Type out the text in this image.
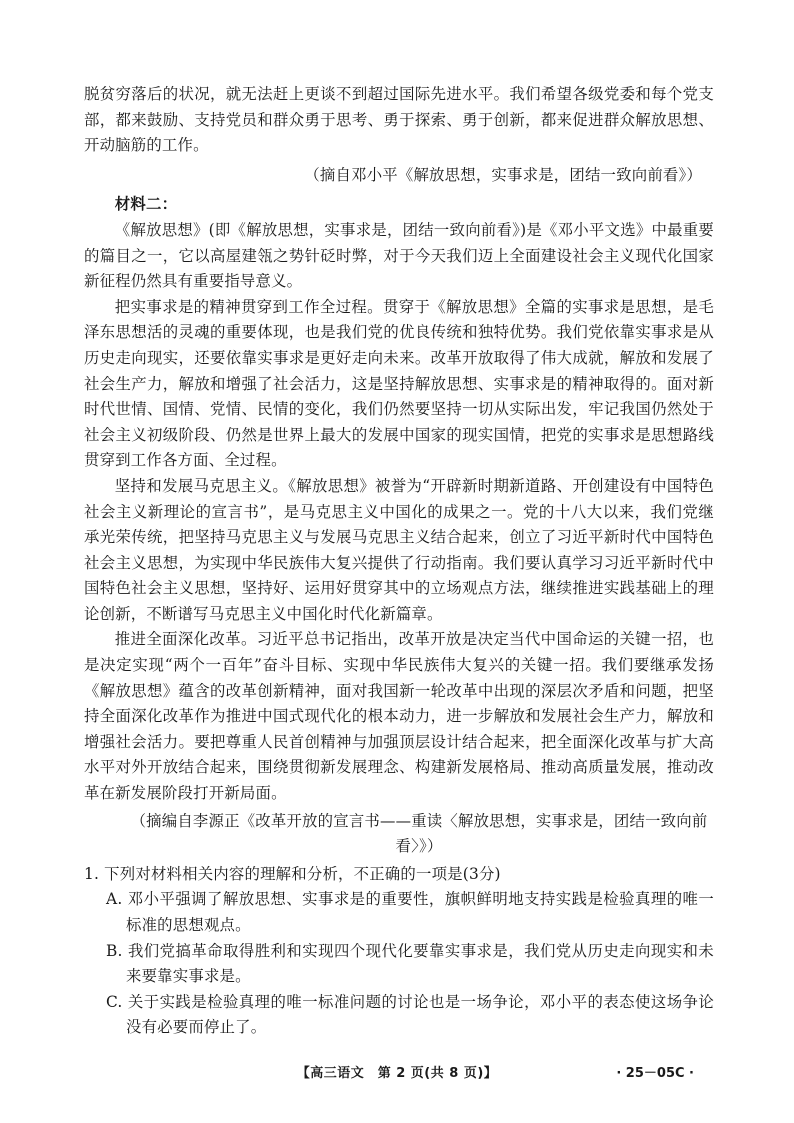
脱贫穷落后的状况，就无法赶上更谈不到超过国际先进水平。我们希望各级党委和每个党支部，都来鼓励、支持党员和群众勇于思考、勇于探索、勇于创新，都来促进群众解放思想、开动脑筋的工作。

（摘自邓小平《解放思想，实事求是，团结一致向前看》）

材料二：

《解放思想》(即《解放思想，实事求是，团结一致向前看》)是《邓小平文选》中最重要的篇目之一，它以高屋建瓴之势针砭时弊，对于今天我们迈上全面建设社会主义现代化国家新征程仍然具有重要指导意义。

把实事求是的精神贯穿到工作全过程。贯穿于《解放思想》全篇的实事求是思想，是毛泽东思想活的灵魂的重要体现，也是我们党的优良传统和独特优势。我们党依靠实事求是从历史走向现实，还要依靠实事求是更好走向未来。改革开放取得了伟大成就，解放和发展了社会生产力，解放和增强了社会活力，这是坚持解放思想、实事求是的精神取得的。面对新时代世情、国情、党情、民情的变化，我们仍然要坚持一切从实际出发，牢记我国仍然处于社会主义初级阶段、仍然是世界上最大的发展中国家的现实国情，把党的实事求是思想路线贯穿到工作各方面、全过程。

坚持和发展马克思主义。《解放思想》被誉为“开辟新时期新道路、开创建设有中国特色社会主义新理论的宣言书”，是马克思主义中国化的成果之一。党的十八大以来，我们党继承光荣传统，把坚持马克思主义与发展马克思主义结合起来，创立了习近平新时代中国特色社会主义思想，为实现中华民族伟大复兴提供了行动指南。我们要认真学习习近平新时代中国特色社会主义思想，坚持好、运用好贯穿其中的立场观点方法，继续推进实践基础上的理论创新，不断谱写马克思主义中国化时代化新篇章。

推进全面深化改革。习近平总书记指出，改革开放是决定当代中国命运的关键一招，也是决定实现“两个一百年”奋斗目标、实现中华民族伟大复兴的关键一招。我们要继承发扬《解放思想》蕴含的改革创新精神，面对我国新一轮改革中出现的深层次矛盾和问题，把坚持全面深化改革作为推进中国式现代化的根本动力，进一步解放和发展社会生产力，解放和增强社会活力。要把尊重人民首创精神与加强顶层设计结合起来，把全面深化改革与扩大高水平对外开放结合起来，围绕贯彻新发展理念、构建新发展格局、推动高质量发展，推动改革在新发展阶段打开新局面。

（摘编自李源正《改革开放的宣言书——重读〈解放思想，实事求是，团结一致向前看〉》）

1. 下列对材料相关内容的理解和分析，不正确的一项是(3分)

A. 邓小平强调了解放思想、实事求是的重要性，旗帜鲜明地支持实践是检验真理的唯一标准的思想观点。
B. 我们党搞革命取得胜利和实现四个现代化要靠实事求是，我们党从历史走向现实和未来要靠实事求是。
C. 关于实践是检验真理的唯一标准问题的讨论也是一场争论，邓小平的表态使这场争论没有必要而停止了。
【高三语文　第 2 页(共 8 页)】	· 25－05C ·
